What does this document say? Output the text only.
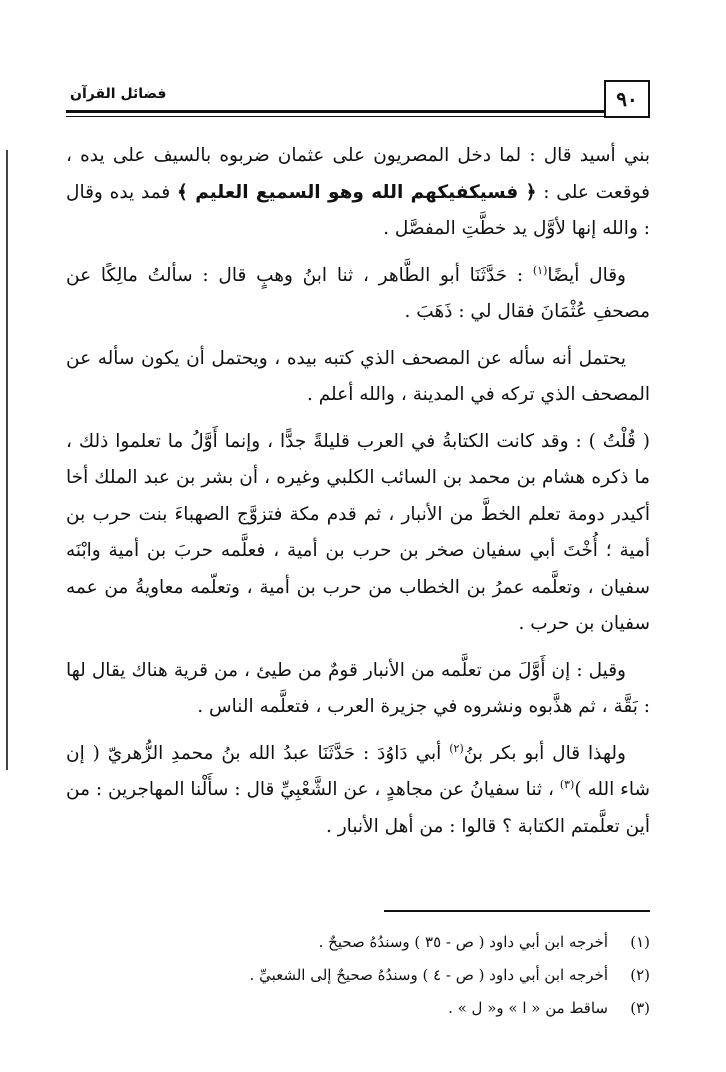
فضائل القرآن	٩٠

بني أسيد قال : لما دخل المصريون على عثمان ضربوه بالسيف على يده ، فوقعت على : ﴿ فسيكفيكهم الله وهو السميع العليم ﴾ فمد يده وقال : والله إنها لأوَّل يد خطَّتِ المفصَّل .

وقال أيضًا$^{(١)}$ : حَدَّثَنَا أبو الطَّاهر ، ثنا ابنُ وهبٍ قال : سألتُ مالِكًا عن مصحفِ عُثْمَانَ فقال لي : ذَهَبَ .

يحتمل أنه سأله عن المصحف الذي كتبه بيده ، ويحتمل أن يكون سأله عن المصحف الذي تركه في المدينة ، والله أعلم .

( قُلْتُ ) : وقد كانت الكتابةُ في العرب قليلةً جدًّا ، وإنما أَوَّلُ ما تعلموا ذلك ، ما ذكره هشام بن محمد بن السائب الكلبي وغيره ، أن بشر بن عبد الملك أخا أكيدر دومة تعلم الخطَّ من الأنبار ، ثم قدم مكة فتزوَّج الصهباءَ بنت حرب بن أمية ؛ أُخْتَ أبي سفيان صخر بن حرب بن أمية ، فعلَّمه حربَ بن أمية وابْنَه سفيان ، وتعلَّمه عمرُ بن الخطاب من حرب بن أمية ، وتعلّمه معاويةُ من عمه سفيان بن حرب .

وقيل : إن أَوَّلَ من تعلَّمه من الأنبار قومٌ من طيئ ، من قرية هناك يقال لها : بَقَّة ، ثم هذَّبوه ونشروه في جزيرة العرب ، فتعلَّمه الناس .

ولهذا قال أبو بكر بنُ$^{(٢)}$ أبي دَاوُدَ : حَدَّثَنَا عبدُ الله بنُ محمدِ الزُّهريّ ( إن شاء الله )$^{(٣)}$ ، ثنا سفيانُ عن مجاهدٍ ، عن الشَّعْبِيِّ قال : سأَلْنا المهاجرين : من أين تعلَّمتم الكتابة ؟ قالوا : من أهل الأنبار .

(١)
أخرجه ابن أبي داود ( ص - ٣٥ ) وسندُهُ صحيحٌ .
(٢)
أخرجه ابن أبي داود ( ص - ٤ ) وسندُهُ صحيحٌ إلى الشعبيِّ .
(٣)
ساقط من « ا » و« ل » .
